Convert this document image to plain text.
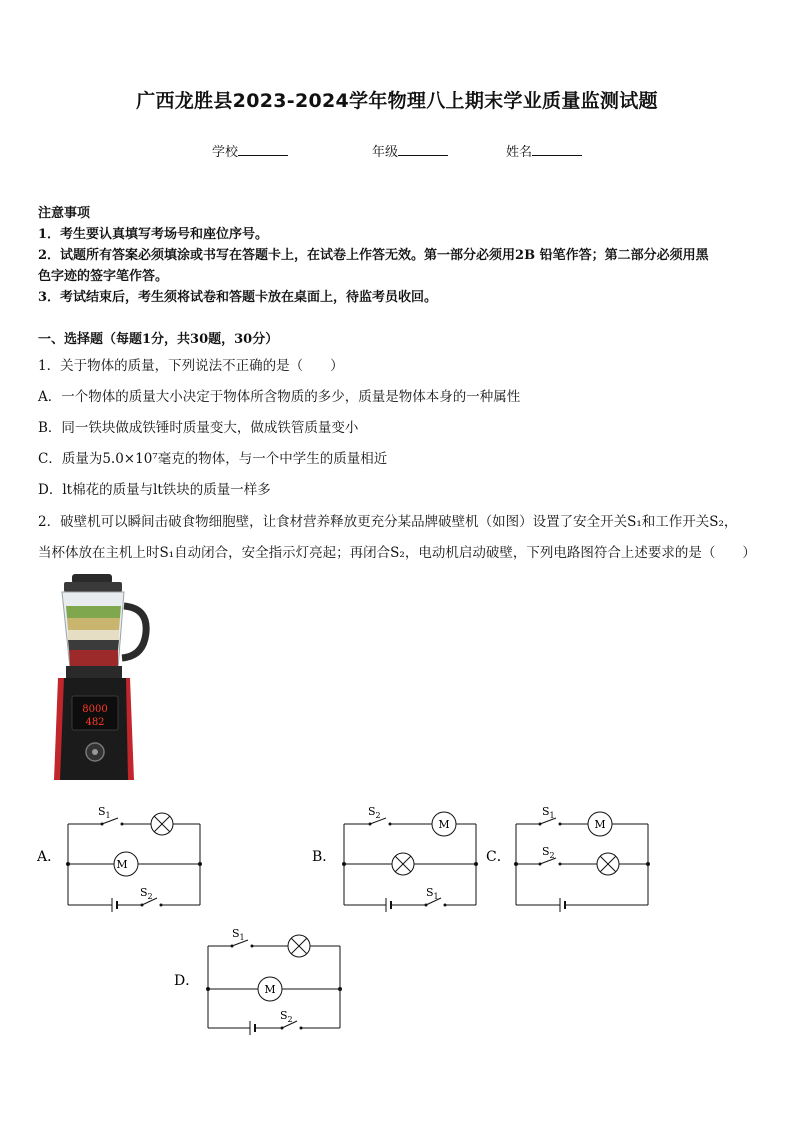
广西龙胜县2023-2024学年物理八上期末学业质量监测试题
学校	年级	姓名
注意事项
1．考生要认真填写考场号和座位序号。
2．试题所有答案必须填涂或书写在答题卡上，在试卷上作答无效。第一部分必须用2B 铅笔作答；第二部分必须用黑
色字迹的签字笔作答。
3．考试结束后，考生须将试卷和答题卡放在桌面上，待监考员收回。
一、选择题（每题1分，共30题，30分）
1．关于物体的质量，下列说法不正确的是（　　）
A．一个物体的质量大小决定于物体所含物质的多少，质量是物体本身的一种属性
B．同一铁块做成铁锤时质量变大，做成铁管质量变小
C．质量为5.0×10⁷毫克的物体，与一个中学生的质量相近
D．lt棉花的质量与lt铁块的质量一样多
2．破壁机可以瞬间击破食物细胞壁，让食材营养释放更充分某品牌破壁机（如图）设置了安全开关S₁和工作开关S₂，
当杯体放在主机上时S₁自动闭合，安全指示灯亮起；再闭合S₂，电动机启动破壁，下列电路图符合上述要求的是（　　）
8000
482
A．	M
$S_1$
$S_2$
B．
M
$S_2$
$S_1$
C．
M
$S_1$
$S_2$
D．
M
$S_1$
$S_2$
